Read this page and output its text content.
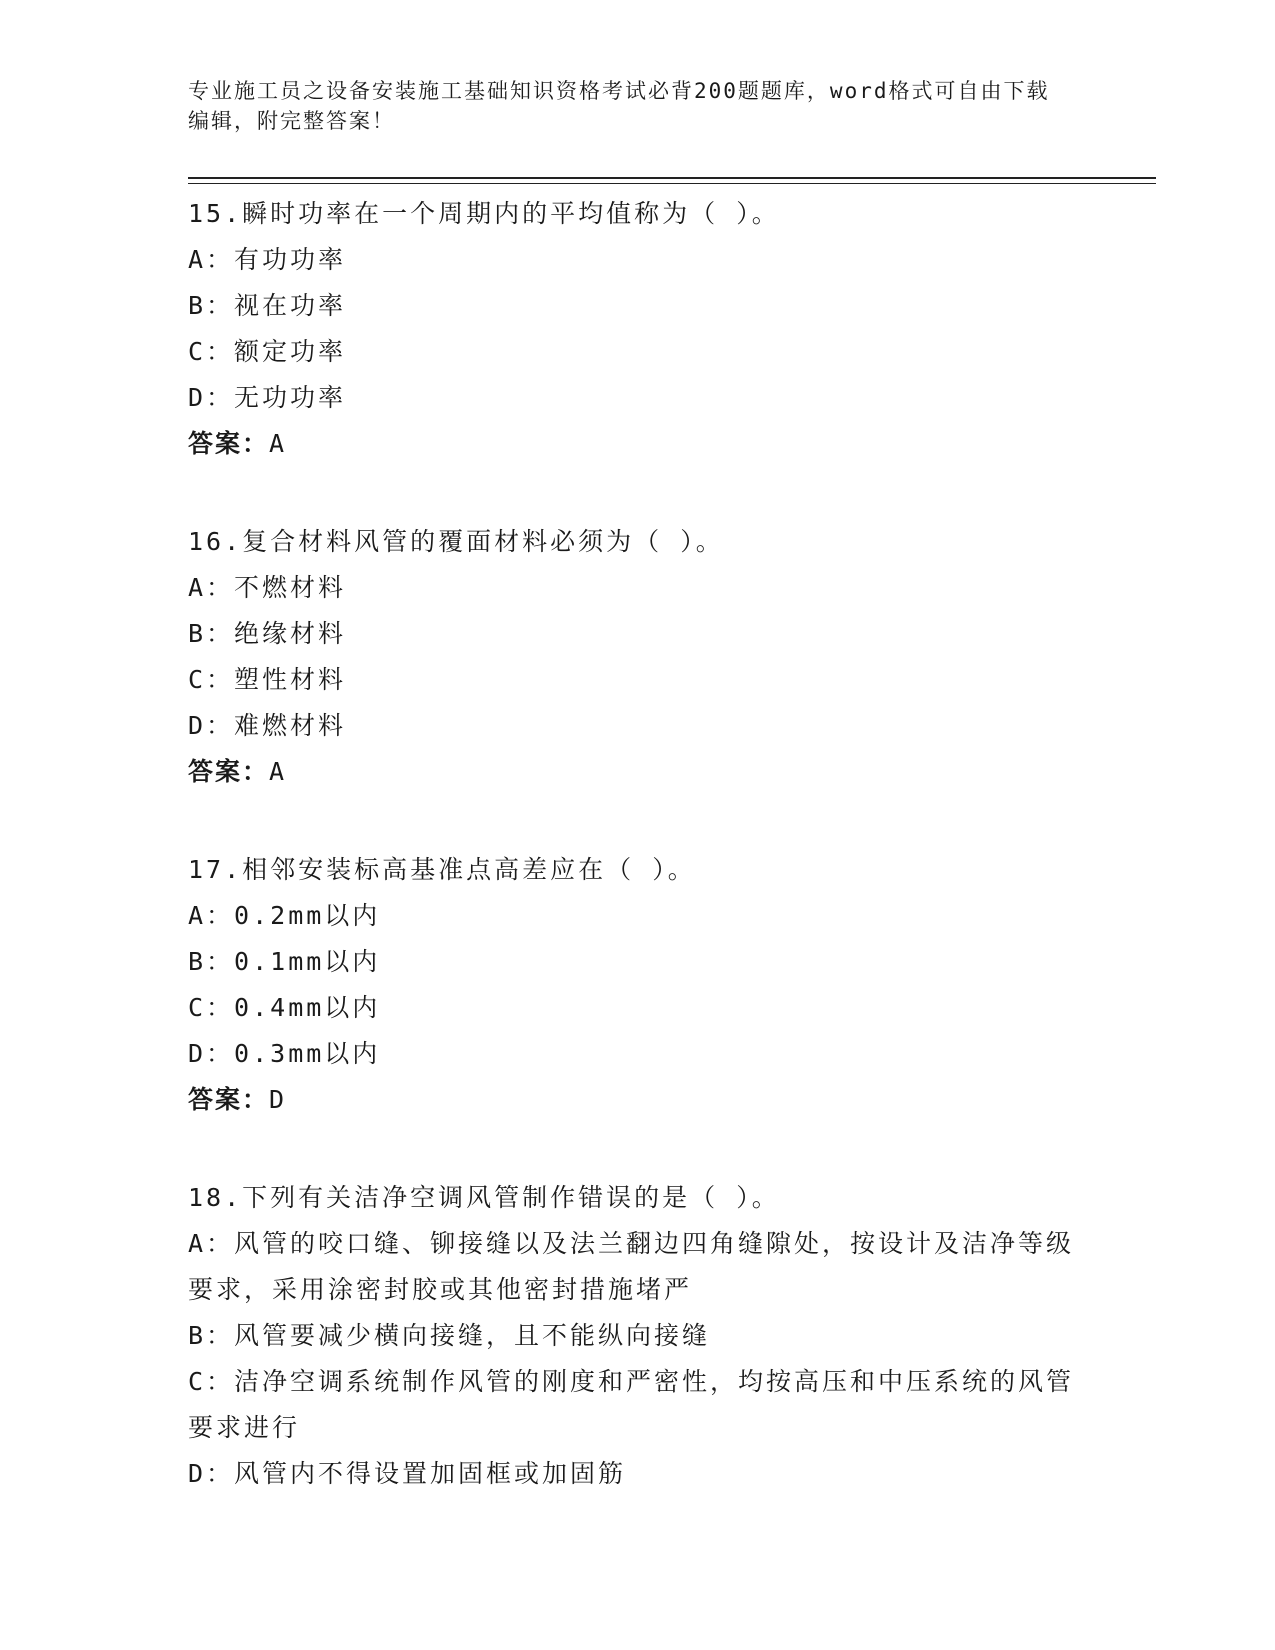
专业施工员之设备安装施工基础知识资格考试必背200题题库，word格式可自由下载编辑，附完整答案！
15.瞬时功率在一个周期内的平均值称为（ ）。
A：有功功率
B：视在功率
C：额定功率
D：无功功率
答案：A
16.复合材料风管的覆面材料必须为（ ）。
A：不燃材料
B：绝缘材料
C：塑性材料
D：难燃材料
答案：A
17.相邻安装标高基准点高差应在（ ）。
A：0.2mm以内
B：0.1mm以内
C：0.4mm以内
D：0.3mm以内
答案：D
18.下列有关洁净空调风管制作错误的是（ ）。
A：风管的咬口缝、铆接缝以及法兰翻边四角缝隙处，按设计及洁净等级要求，采用涂密封胶或其他密封措施堵严
B：风管要减少横向接缝，且不能纵向接缝
C：洁净空调系统制作风管的刚度和严密性，均按高压和中压系统的风管要求进行
D：风管内不得设置加固框或加固筋
